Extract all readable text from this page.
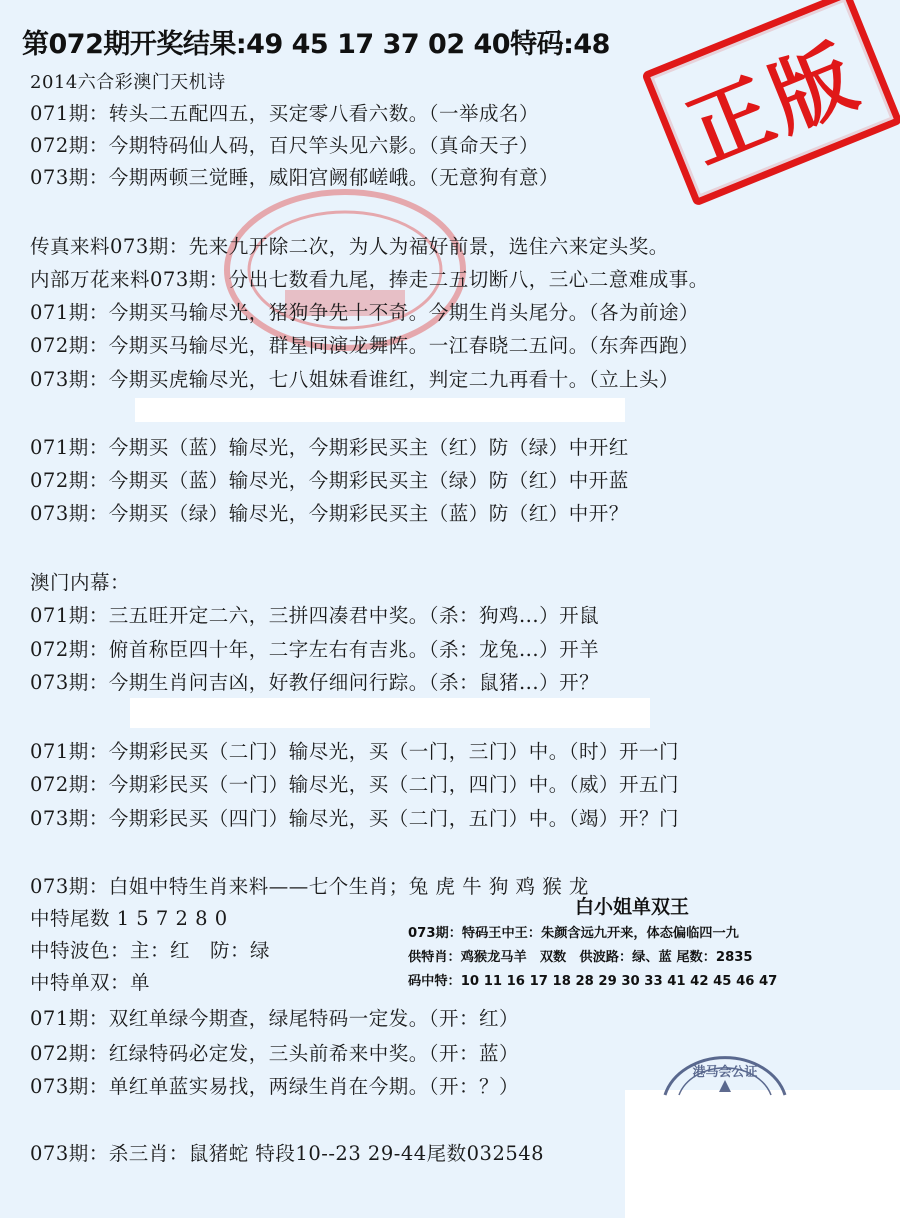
第072期开奖结果:49 45 17 37 02 40特码:48 正版
2014六合彩澳门天机诗
071期：转头二五配四五，买定零八看六数。（一举成名）
072期：今期特码仙人码，百尺竿头见六影。（真命天子）
073期：今期两顿三觉睡，威阳宫阙郁嵯峨。（无意狗有意）
传真来料073期：先来九开除二次，为人为福好前景，选住六来定头奖。
内部万花来料073期：分出七数看九尾，捧走二五切断八，三心二意难成事。
071期：今期买马输尽光，猪狗争先十不奇。今期生肖头尾分。（各为前途）
072期：今期买马输尽光，群星同演龙舞阵。一江春晓二五问。（东奔西跑）
073期：今期买虎输尽光，七八姐妹看谁红，判定二九再看十。（立上头）
071期：今期买（蓝）输尽光，今期彩民买主（红）防（绿）中开红
072期：今期买（蓝）输尽光，今期彩民买主（绿）防（红）中开蓝
073期：今期买（绿）输尽光，今期彩民买主（蓝）防（红）中开？
澳门内幕：
071期：三五旺开定二六，三拼四凑君中奖。（杀：狗鸡...）开鼠
072期：俯首称臣四十年，二字左右有吉兆。（杀：龙兔...）开羊
073期：今期生肖问吉凶，好教仔细问行踪。（杀：鼠猪...）开？
071期：今期彩民买（二门）输尽光，买（一门，三门）中。（时）开一门
072期：今期彩民买（一门）输尽光，买（二门，四门）中。（威）开五门
073期：今期彩民买（四门）输尽光，买（二门，五门）中。（竭）开？门
073期：白姐中特生肖来料——七个生肖；兔 虎 牛 狗 鸡 猴 龙
中特尾数 1 5 7 2 8 0
中特波色：主：红　防：绿
中特单双：单
071期：双红单绿今期查，绿尾特码一定发。（开：红）
072期：红绿特码必定发，三头前希来中奖。（开：蓝）
073期：单红单蓝实易找，两绿生肖在今期。（开：？）
073期：杀三肖：鼠猪蛇 特段10--23 29-44尾数032548
白小姐单双王
073期：特码王中王：朱颜含远九开来，体态偏临四一九
供特肖：鸡猴龙马羊　双数　供波路：绿、蓝 尾数：2835
码中特：10 11 16 17 18 28 29 30 33 41 42 45 46 47
港马会公证
